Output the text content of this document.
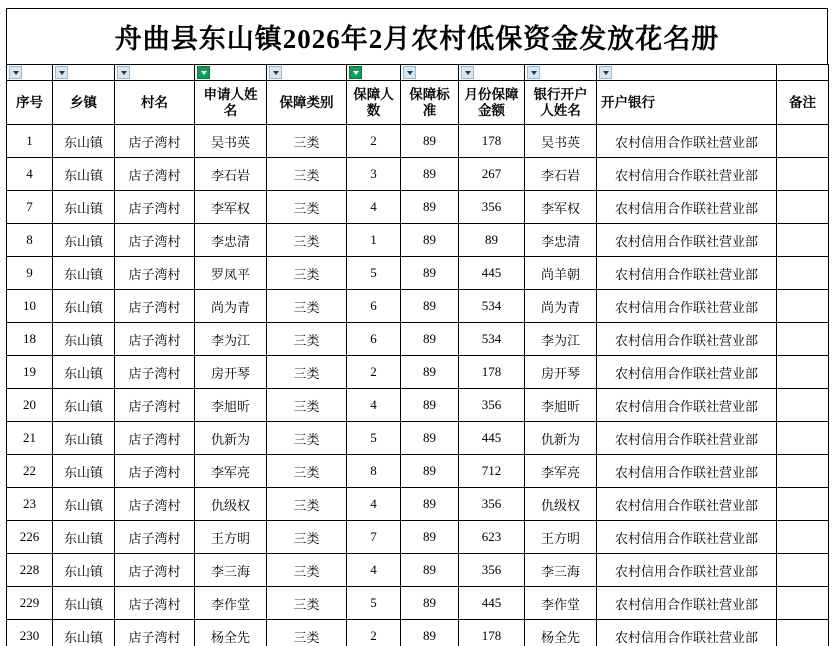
舟曲县东山镇2026年2月农村低保资金发放花名册

序号	乡镇	村名	申请人姓名	保障类别	保障人数	保障标准	月份保障金额	银行开户人姓名	开户银行	备注
1	东山镇	店子湾村	吴书英	三类	2	89	178	吴书英	农村信用合作联社营业部	
4	东山镇	店子湾村	李石岩	三类	3	89	267	李石岩	农村信用合作联社营业部	
7	东山镇	店子湾村	李军权	三类	4	89	356	李军权	农村信用合作联社营业部	
8	东山镇	店子湾村	李忠清	三类	1	89	89	李忠清	农村信用合作联社营业部	
9	东山镇	店子湾村	罗凤平	三类	5	89	445	尚羊朝	农村信用合作联社营业部	
10	东山镇	店子湾村	尚为青	三类	6	89	534	尚为青	农村信用合作联社营业部	
18	东山镇	店子湾村	李为江	三类	6	89	534	李为江	农村信用合作联社营业部	
19	东山镇	店子湾村	房开琴	三类	2	89	178	房开琴	农村信用合作联社营业部	
20	东山镇	店子湾村	李旭昕	三类	4	89	356	李旭昕	农村信用合作联社营业部	
21	东山镇	店子湾村	仇新为	三类	5	89	445	仇新为	农村信用合作联社营业部	
22	东山镇	店子湾村	李军亮	三类	8	89	712	李军亮	农村信用合作联社营业部	
23	东山镇	店子湾村	仇级权	三类	4	89	356	仇级权	农村信用合作联社营业部	
226	东山镇	店子湾村	王方明	三类	7	89	623	王方明	农村信用合作联社营业部	
228	东山镇	店子湾村	李三海	三类	4	89	356	李三海	农村信用合作联社营业部	
229	东山镇	店子湾村	李作堂	三类	5	89	445	李作堂	农村信用合作联社营业部	
230	东山镇	店子湾村	杨全先	三类	2	89	178	杨全先	农村信用合作联社营业部	
